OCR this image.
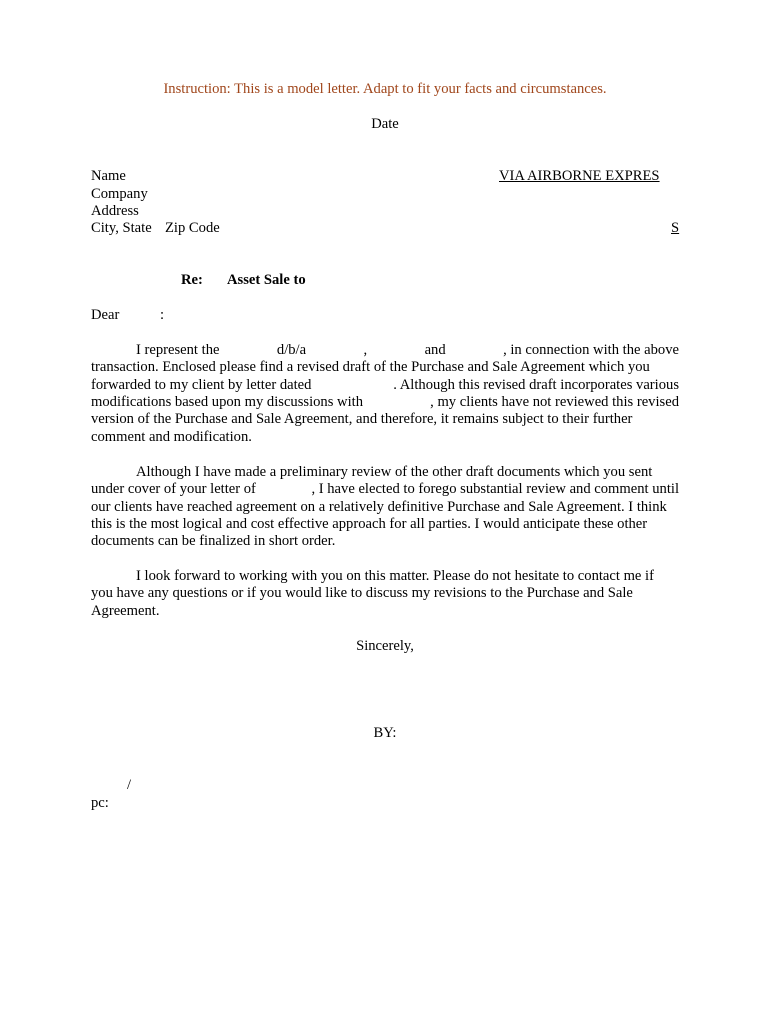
Instruction: This is a model letter. Adapt to fit your facts and circumstances.
Date
Name
Company
Address
City, State Zip Code
VIA AIRBORNE EXPRES
S
Re: Asset Sale to
Dear	:
I represent the	d/b/a	,	and	, in connection with the above
transaction. Enclosed please find a revised draft of the Purchase and Sale Agreement which you
forwarded to my client by letter dated	. Although this revised draft incorporates various
modifications based upon my discussions with	, my clients have not reviewed this revised
version of the Purchase and Sale Agreement, and therefore, it remains subject to their further
comment and modification.
Although I have made a preliminary review of the other draft documents which you sent
under cover of your letter of	, I have elected to forego substantial review and comment until
our clients have reached agreement on a relatively definitive Purchase and Sale Agreement. I think
this is the most logical and cost effective approach for all parties. I would anticipate these other
documents can be finalized in short order.
I look forward to working with you on this matter. Please do not hesitate to contact me if
you have any questions or if you would like to discuss my revisions to the Purchase and Sale
Agreement.
Sincerely,
BY:
/
pc:
